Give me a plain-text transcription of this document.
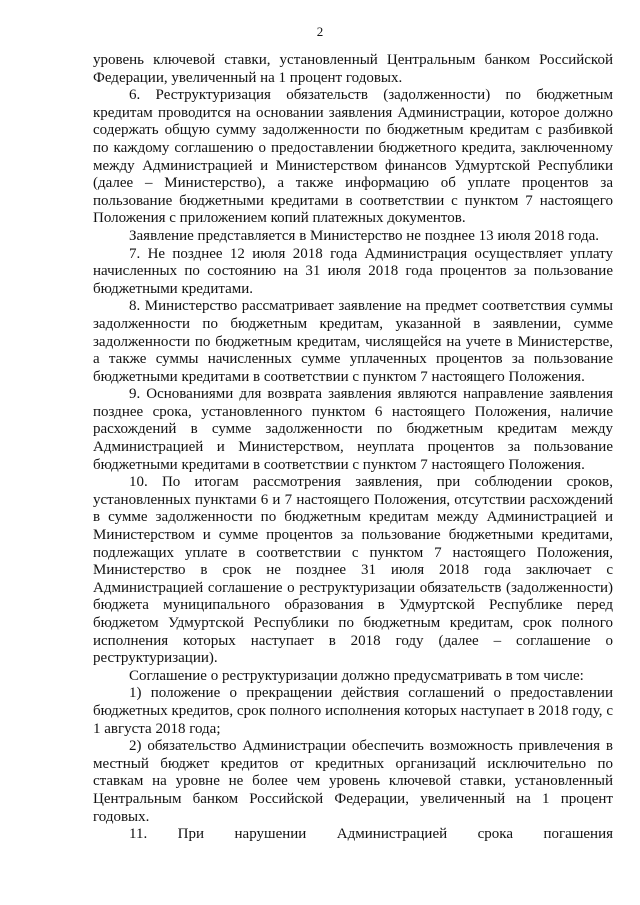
2

уровень ключевой ставки, установленный Центральным банком Российской Федерации, увеличенный на 1 процент годовых.

6. Реструктуризация обязательств (задолженности) по бюджетным кредитам проводится на основании заявления Администрации, которое должно содержать общую сумму задолженности по бюджетным кредитам с разбивкой по каждому соглашению о предоставлении бюджетного кредита, заключенному между Администрацией и Министерством финансов Удмуртской Республики (далее – Министерство), а также информацию об уплате процентов за пользование бюджетными кредитами в соответствии с пунктом 7 настоящего Положения с приложением копий платежных документов.

Заявление представляется в Министерство не позднее 13 июля 2018 года.

7. Не позднее 12 июля 2018 года Администрация осуществляет уплату начисленных по состоянию на 31 июля 2018 года процентов за пользование бюджетными кредитами.

8. Министерство рассматривает заявление на предмет соответствия суммы задолженности по бюджетным кредитам, указанной в заявлении, сумме задолженности по бюджетным кредитам, числящейся на учете в Министерстве, а также суммы начисленных сумме уплаченных процентов за пользование бюджетными кредитами в соответствии с пунктом 7 настоящего Положения.

9. Основаниями для возврата заявления являются направление заявления позднее срока, установленного пунктом 6 настоящего Положения, наличие расхождений в сумме задолженности по бюджетным кредитам между Администрацией и Министерством, неуплата процентов за пользование бюджетными кредитами в соответствии с пунктом 7 настоящего Положения.

10. По итогам рассмотрения заявления, при соблюдении сроков, установленных пунктами 6 и 7 настоящего Положения, отсутствии расхождений в сумме задолженности по бюджетным кредитам между Администрацией и Министерством и сумме процентов за пользование бюджетными кредитами, подлежащих уплате в соответствии с пунктом 7 настоящего Положения, Министерство в срок не позднее 31 июля 2018 года заключает с Администрацией соглашение о реструктуризации обязательств (задолженности) бюджета муниципального образования в Удмуртской Республике перед бюджетом Удмуртской Республики по бюджетным кредитам, срок полного исполнения которых наступает в 2018 году (далее – соглашение о реструктуризации).

Соглашение о реструктуризации должно предусматривать в том числе:

1) положение о прекращении действия соглашений о предоставлении бюджетных кредитов, срок полного исполнения которых наступает в 2018 году, с 1 августа 2018 года;

2) обязательство Администрации обеспечить возможность привлечения в местный бюджет кредитов от кредитных организаций исключительно по ставкам на уровне не более чем уровень ключевой ставки, установленный Центральным банком Российской Федерации, увеличенный на 1 процент годовых.

11. При нарушении Администрацией срока погашения
